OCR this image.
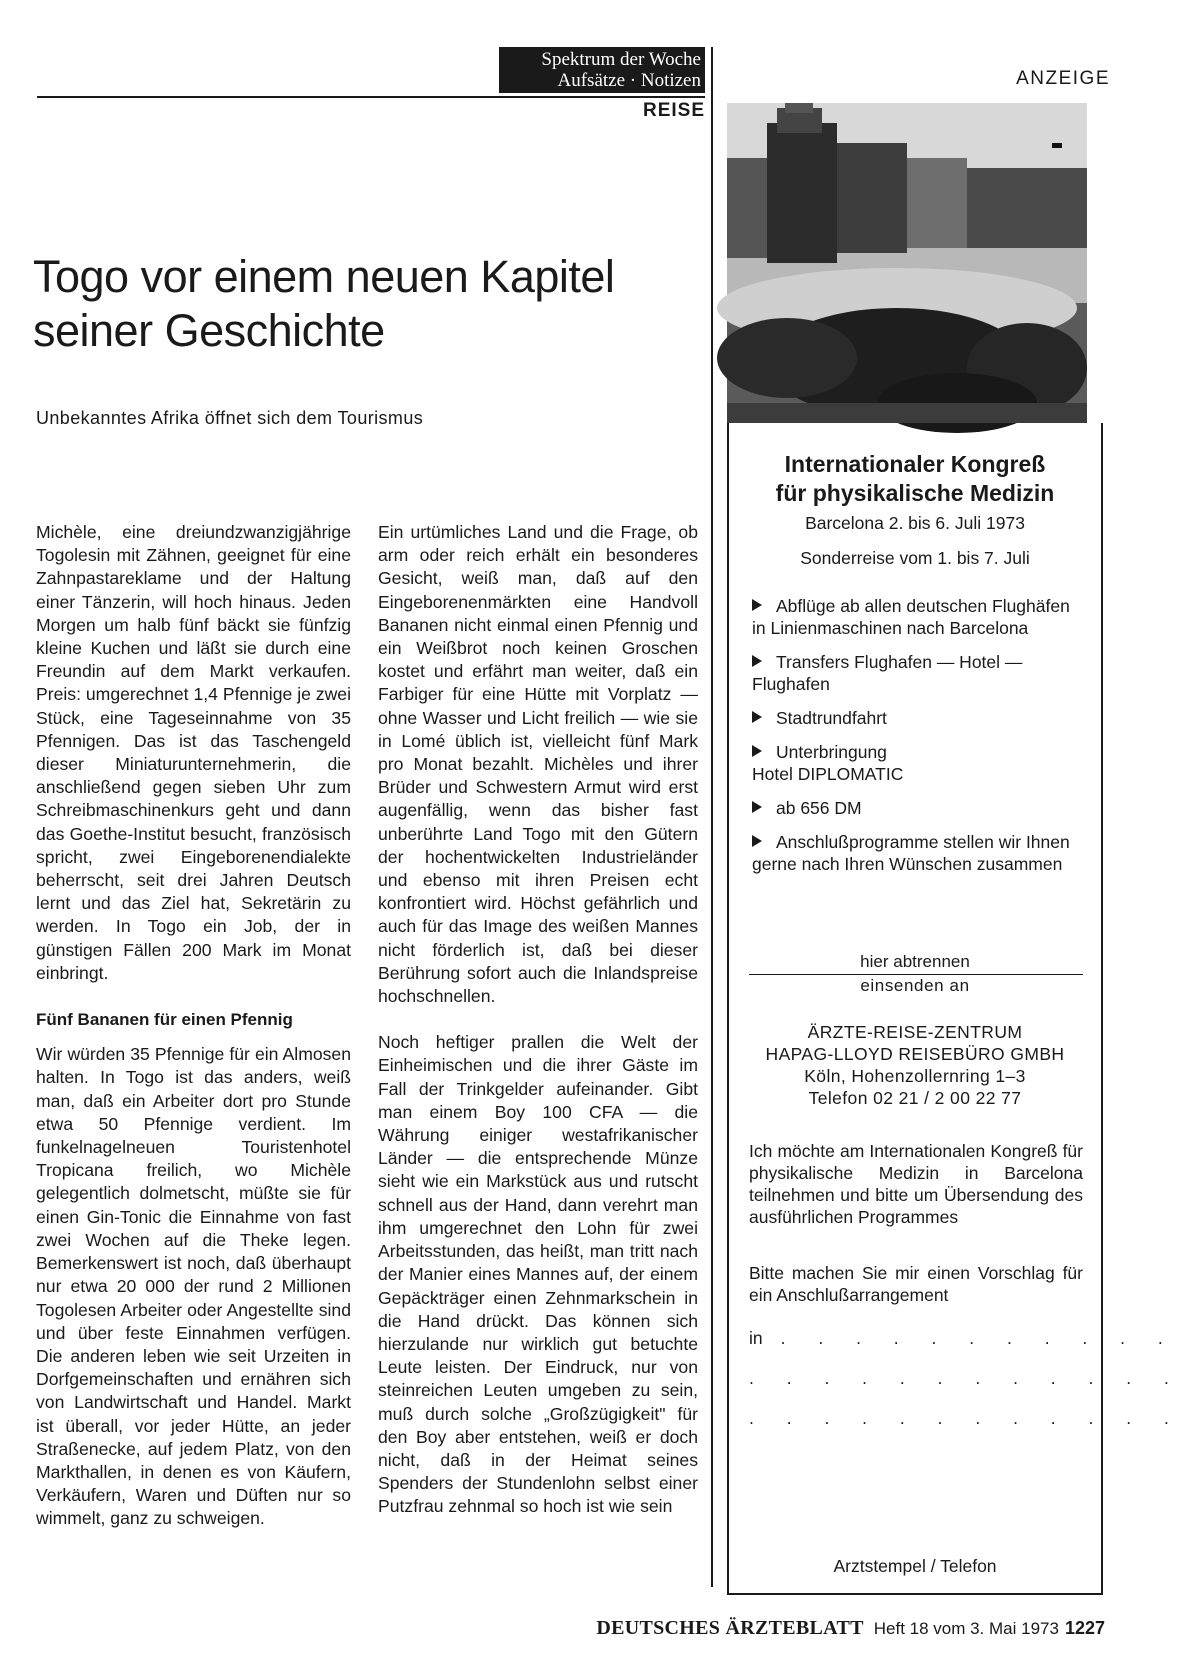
Spektrum der Woche
Aufsätze · Notizen
REISE
ANZEIGE
Togo vor einem neuen Kapitel
seiner Geschichte
Unbekanntes Afrika öffnet sich dem Tourismus

Michèle, eine dreiundzwanzigjährige Togolesin mit Zähnen, geeignet für eine Zahnpastareklame und der Haltung einer Tänzerin, will hoch hinaus. Jeden Morgen um halb fünf bäckt sie fünfzig kleine Kuchen und läßt sie durch eine Freundin auf dem Markt verkaufen. Preis: umgerechnet 1,4 Pfennige je zwei Stück, eine Tageseinnahme von 35 Pfennigen. Das ist das Taschengeld dieser Miniaturunternehmerin, die anschließend gegen sieben Uhr zum Schreibmaschinenkurs geht und dann das Goethe-Institut besucht, französisch spricht, zwei Eingeborenendialekte beherrscht, seit drei Jahren Deutsch lernt und das Ziel hat, Sekretärin zu werden. In Togo ein Job, der in günstigen Fällen 200 Mark im Monat einbringt.

Fünf Bananen für einen Pfennig

Wir würden 35 Pfennige für ein Almosen halten. In Togo ist das anders, weiß man, daß ein Arbeiter dort pro Stunde etwa 50 Pfennige verdient. Im funkelnagelneuen Touristenhotel Tropicana freilich, wo Michèle gelegentlich dolmetscht, müßte sie für einen Gin-Tonic die Einnahme von fast zwei Wochen auf die Theke legen. Bemerkenswert ist noch, daß überhaupt nur etwa 20 000 der rund 2 Millionen Togolesen Arbeiter oder Angestellte sind und über feste Einnahmen verfügen. Die anderen leben wie seit Urzeiten in Dorfgemeinschaften und ernähren sich von Landwirtschaft und Handel. Markt ist überall, vor jeder Hütte, an jeder Straßenecke, auf jedem Platz, von den Markthallen, in denen es von Käufern, Verkäufern, Waren und Düften nur so wimmelt, ganz zu schweigen.

Ein urtümliches Land und die Frage, ob arm oder reich erhält ein besonderes Gesicht, weiß man, daß auf den Eingeborenenmärkten eine Handvoll Bananen nicht einmal einen Pfennig und ein Weißbrot noch keinen Groschen kostet und erfährt man weiter, daß ein Farbiger für eine Hütte mit Vorplatz — ohne Wasser und Licht freilich — wie sie in Lomé üblich ist, vielleicht fünf Mark pro Monat bezahlt. Michèles und ihrer Brüder und Schwestern Armut wird erst augenfällig, wenn das bisher fast unberührte Land Togo mit den Gütern der hochentwickelten Industrieländer und ebenso mit ihren Preisen echt konfrontiert wird. Höchst gefährlich und auch für das Image des weißen Mannes nicht förderlich ist, daß bei dieser Berührung sofort auch die Inlandspreise hochschnellen.

Noch heftiger prallen die Welt der Einheimischen und die ihrer Gäste im Fall der Trinkgelder aufeinander. Gibt man einem Boy 100 CFA — die Währung einiger westafrikanischer Länder — die entsprechende Münze sieht wie ein Markstück aus und rutscht schnell aus der Hand, dann verehrt man ihm umgerechnet den Lohn für zwei Arbeitsstunden, das heißt, man tritt nach der Manier eines Mannes auf, der einem Gepäckträger einen Zehnmarkschein in die Hand drückt. Das können sich hierzulande nur wirklich gut betuchte Leute leisten. Der Eindruck, nur von steinreichen Leuten umgeben zu sein, muß durch solche „Großzügigkeit" für den Boy aber entstehen, weiß er doch nicht, daß in der Heimat seines Spenders der Stundenlohn selbst einer Putzfrau zehnmal so hoch ist wie sein

Internationaler Kongreß
für physikalische Medizin
Barcelona 2. bis 6. Juli 1973
Sonderreise vom 1. bis 7. Juli
Abflüge ab allen deutschen Flughäfen in Linienmaschinen nach Barcelona
Transfers Flughafen — Hotel — Flughafen
Stadtrundfahrt
Unterbringung
Hotel DIPLOMATIC
ab 656 DM
Anschlußprogramme stellen wir Ihnen gerne nach Ihren Wünschen zusammen
hier abtrennen
einsenden an
ÄRZTE-REISE-ZENTRUM
HAPAG-LLOYD REISEBÜRO GMBH
Köln, Hohenzollernring 1–3
Telefon 02 21 / 2 00 22 77
Ich möchte am Internationalen Kongreß für physikalische Medizin in Barcelona teilnehmen und bitte um Übersendung des ausführlichen Programmes
Bitte machen Sie mir einen Vorschlag für ein Anschlußarrangement
in . . . . . . . . . . .
. . . . . . . . . . . .
. . . . . . . . . . . .
Arztstempel / Telefon
DEUTSCHES ÄRZTEBLATT Heft 18 vom 3. Mai 1973 1227
